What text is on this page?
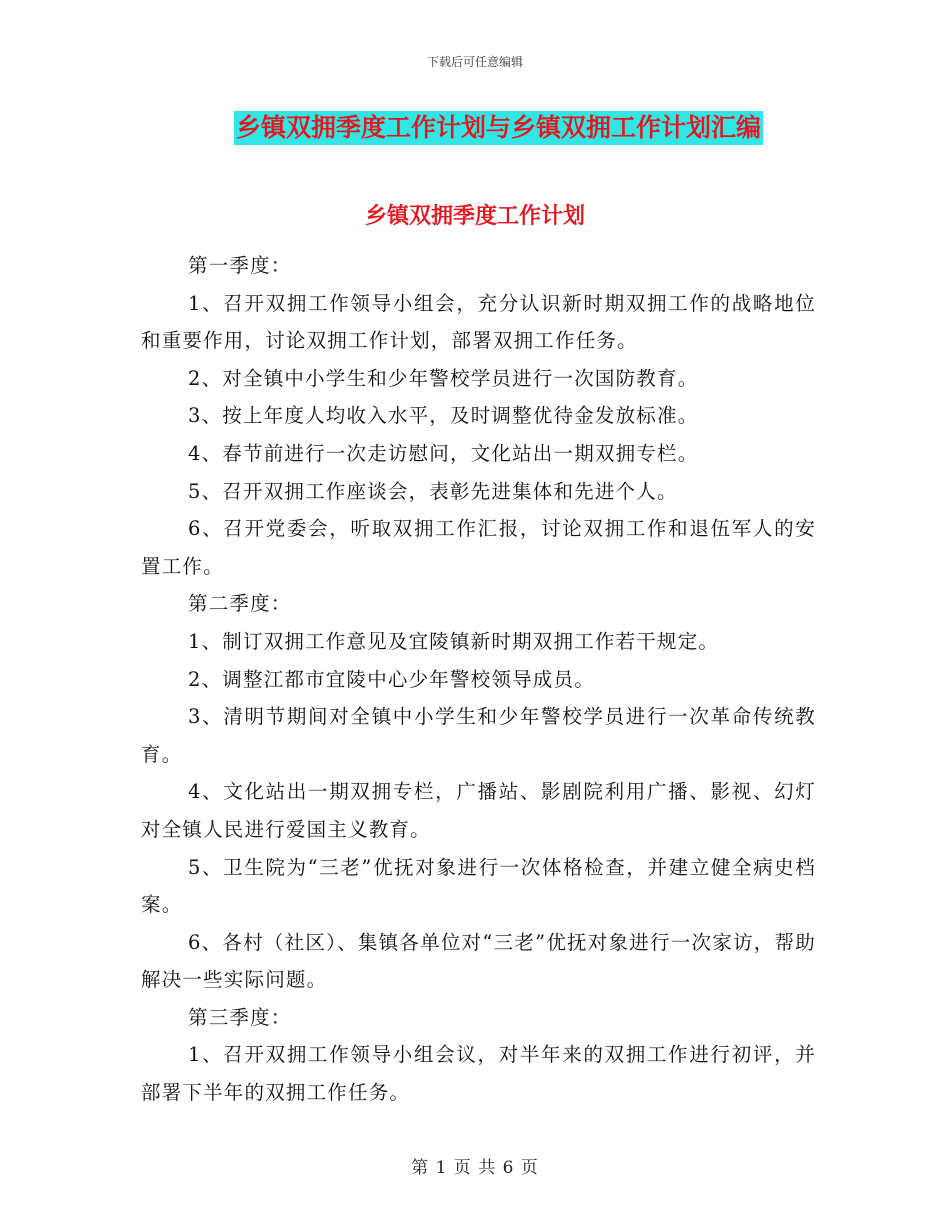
下载后可任意编辑
乡镇双拥季度工作计划与乡镇双拥工作计划汇编
乡镇双拥季度工作计划

第一季度：

1、召开双拥工作领导小组会，充分认识新时期双拥工作的战略地位和重要作用，讨论双拥工作计划，部署双拥工作任务。

2、对全镇中小学生和少年警校学员进行一次国防教育。

3、按上年度人均收入水平，及时调整优待金发放标准。

4、春节前进行一次走访慰问，文化站出一期双拥专栏。

5、召开双拥工作座谈会，表彰先进集体和先进个人。

6、召开党委会，听取双拥工作汇报，讨论双拥工作和退伍军人的安置工作。

第二季度：

1、制订双拥工作意见及宜陵镇新时期双拥工作若干规定。

2、调整江都市宜陵中心少年警校领导成员。

3、清明节期间对全镇中小学生和少年警校学员进行一次革命传统教育。

4、文化站出一期双拥专栏，广播站、影剧院利用广播、影视、幻灯对全镇人民进行爱国主义教育。

5、卫生院为“三老”优抚对象进行一次体格检查，并建立健全病史档案。

6、各村（社区）、集镇各单位对“三老”优抚对象进行一次家访，帮助解决一些实际问题。

第三季度：

1、召开双拥工作领导小组会议，对半年来的双拥工作进行初评，并部署下半年的双拥工作任务。

第 1 页 共 6 页
